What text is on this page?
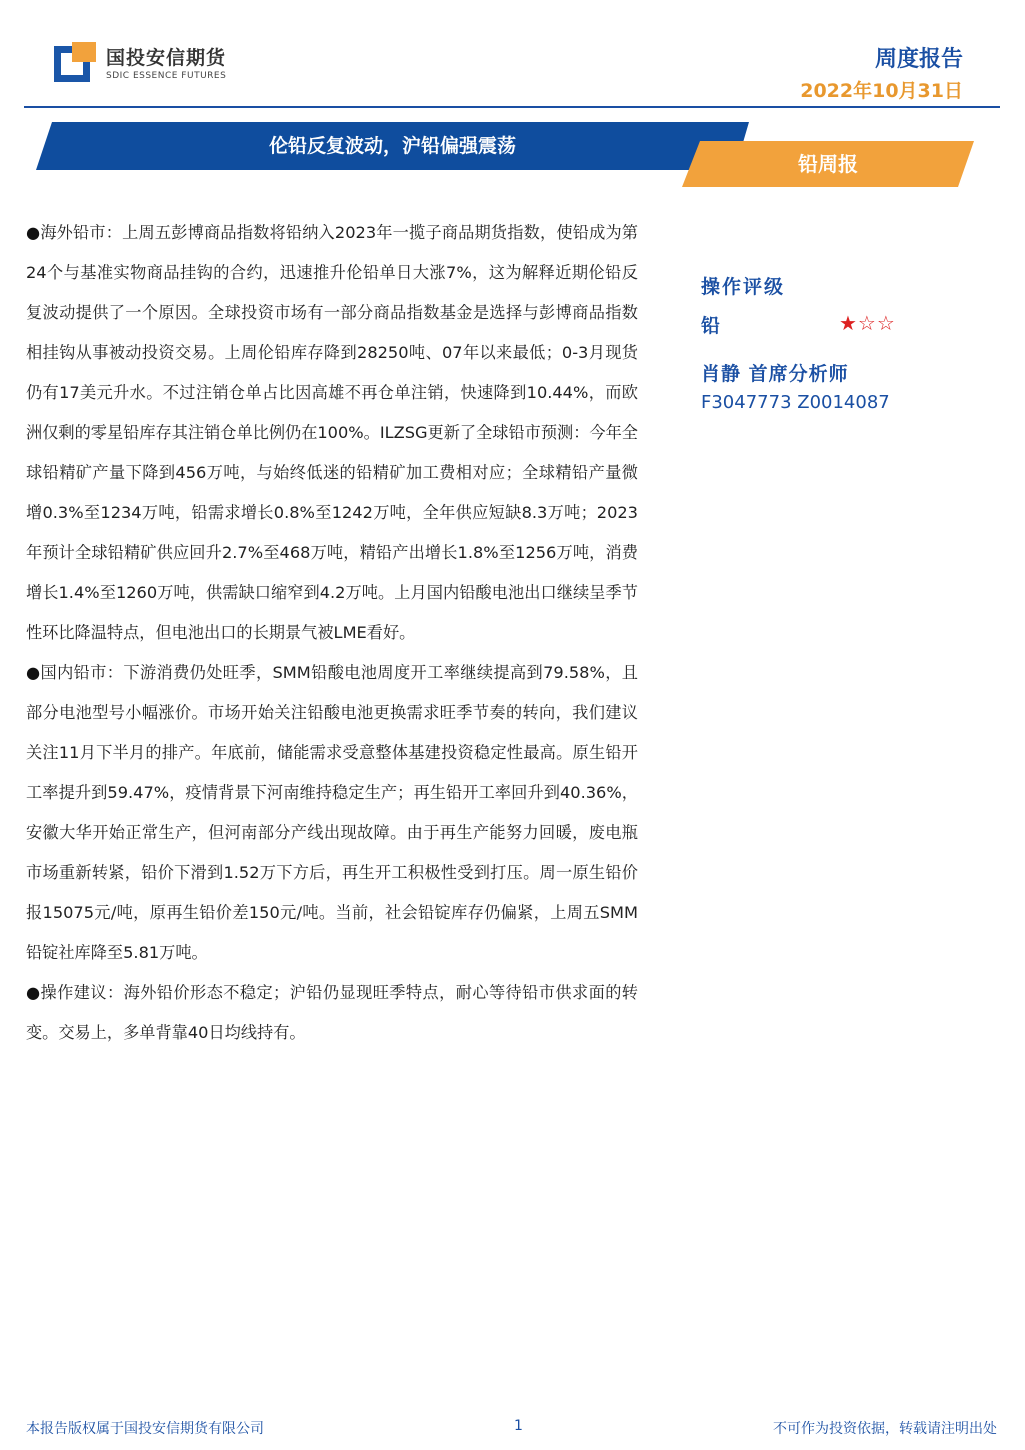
国投安信期货
SDIC ESSENCE FUTURES
周度报告
2022年10月31日
伦铅反复波动，沪铅偏强震荡
铅周报

●海外铅市：上周五彭博商品指数将铅纳入2023年一揽子商品期货指数，使铅成为第24个与基准实物商品挂钩的合约，迅速推升伦铅单日大涨7%，这为解释近期伦铅反复波动提供了一个原因。全球投资市场有一部分商品指数基金是选择与彭博商品指数相挂钩从事被动投资交易。上周伦铅库存降到28250吨、07年以来最低；0-3月现货仍有17美元升水。不过注销仓单占比因高雄不再仓单注销，快速降到10.44%，而欧洲仅剩的零星铅库存其注销仓单比例仍在100%。ILZSG更新了全球铅市预测：今年全球铅精矿产量下降到456万吨，与始终低迷的铅精矿加工费相对应；全球精铅产量微增0.3%至1234万吨，铅需求增长0.8%至1242万吨，全年供应短缺8.3万吨；2023年预计全球铅精矿供应回升2.7%至468万吨，精铅产出增长1.8%至1256万吨，消费增长1.4%至1260万吨，供需缺口缩窄到4.2万吨。上月国内铅酸电池出口继续呈季节性环比降温特点，但电池出口的长期景气被LME看好。

●国内铅市：下游消费仍处旺季，SMM铅酸电池周度开工率继续提高到79.58%，且部分电池型号小幅涨价。市场开始关注铅酸电池更换需求旺季节奏的转向，我们建议关注11月下半月的排产。年底前，储能需求受意整体基建投资稳定性最高。原生铅开工率提升到59.47%，疫情背景下河南维持稳定生产；再生铅开工率回升到40.36%，安徽大华开始正常生产，但河南部分产线出现故障。由于再生产能努力回暖，废电瓶市场重新转紧，铅价下滑到1.52万下方后，再生开工积极性受到打压。周一原生铅价报15075元/吨，原再生铅价差150元/吨。当前，社会铅锭库存仍偏紧，上周五SMM铅锭社库降至5.81万吨。

●操作建议：海外铅价形态不稳定；沪铅仍显现旺季特点，耐心等待铅市供求面的转变。交易上，多单背靠40日均线持有。

操作评级
铅	★☆☆
肖静 首席分析师
F3047773 Z0014087
本报告版权属于国投安信期货有限公司	1	不可作为投资依据，转载请注明出处
